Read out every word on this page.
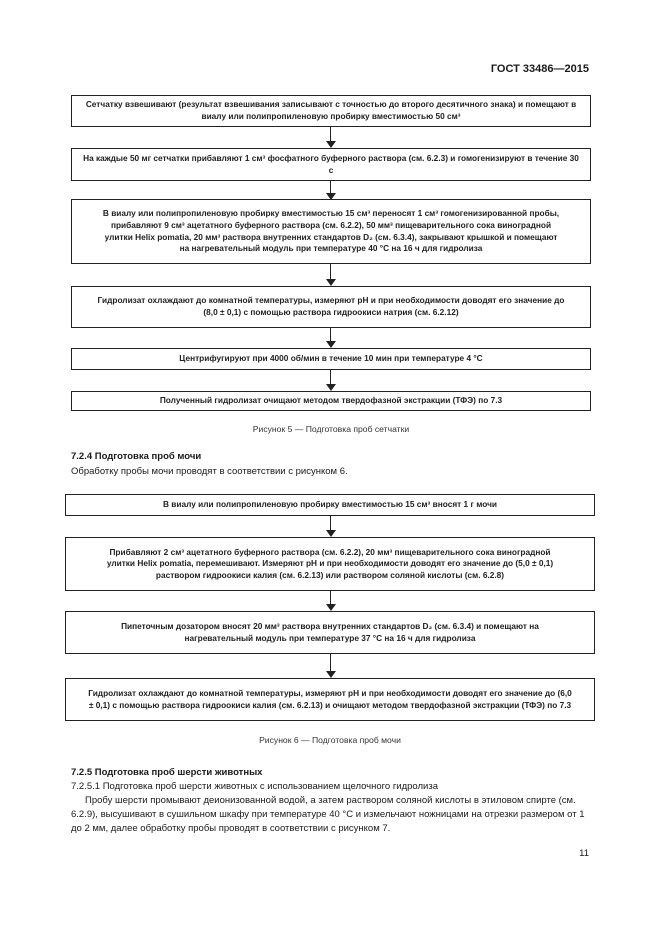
ГОСТ 33486—2015
Сетчатку взвешивают (результат взвешивания записывают с точностью до второго десятичного знака) и помещают в виалу или полипропиленовую пробирку вместимостью 50 см³
На каждые 50 мг сетчатки прибавляют 1 см³ фосфатного буферного раствора (см. 6.2.3) и гомогенизируют в течение 30 с
В виалу или полипропиленовую пробирку вместимостью 15 см³ переносят 1 см³ гомогенизированной пробы, прибавляют 9 см³ ацетатного буферного раствора (см. 6.2.2), 50 мм³ пищеварительного сока виноградной улитки Helix pomatia, 20 мм³ раствора внутренних стандартов D₂ (см. 6.3.4), закрывают крышкой и помещают на нагревательный модуль при температуре 40 °С на 16 ч для гидролиза
Гидролизат охлаждают до комнатной температуры, измеряют рН и при необходимости доводят его значение до (8,0 ± 0,1) с помощью раствора гидроокиси натрия (см. 6.2.12)
Центрифугируют при 4000 об/мин в течение 10 мин при температуре 4 °С
Полученный гидролизат очищают методом твердофазной экстракции (ТФЭ) по 7.3
Рисунок 5 — Подготовка проб сетчатки
7.2.4 Подготовка проб мочи
Обработку пробы мочи проводят в соответствии с рисунком 6.
В виалу или полипропиленовую пробирку вместимостью 15 см³ вносят 1 г мочи
Прибавляют 2 см³ ацетатного буферного раствора (см. 6.2.2), 20 мм³ пищеварительного сока виноградной улитки Helix pomatia, перемешивают. Измеряют рН и при необходимости доводят его значение до (5,0 ± 0,1) раствором гидроокиси калия (см. 6.2.13) или раствором соляной кислоты (см. 6.2.8)
Пипеточным дозатором вносят 20 мм³ раствора внутренних стандартов D₂ (см. 6.3.4) и помещают на нагревательный модуль при температуре 37 °С на 16 ч для гидролиза
Гидролизат охлаждают до комнатной температуры, измеряют рН и при необходимости доводят его значение до (6,0 ± 0,1) с помощью раствора гидроокиси калия (см. 6.2.13) и очищают методом твердофазной экстракции (ТФЭ) по 7.3
Рисунок 6 — Подготовка проб мочи
7.2.5 Подготовка проб шерсти животных
7.2.5.1 Подготовка проб шерсти животных с использованием щелочного гидролиза
Пробу шерсти промывают деионизованной водой, а затем раствором соляной кислоты в этиловом спирте (см. 6.2.9), высушивают в сушильном шкафу при температуре 40 °С и измельчают ножницами на отрезки размером от 1 до 2 мм, далее обработку пробы проводят в соответствии с рисунком 7.
11
